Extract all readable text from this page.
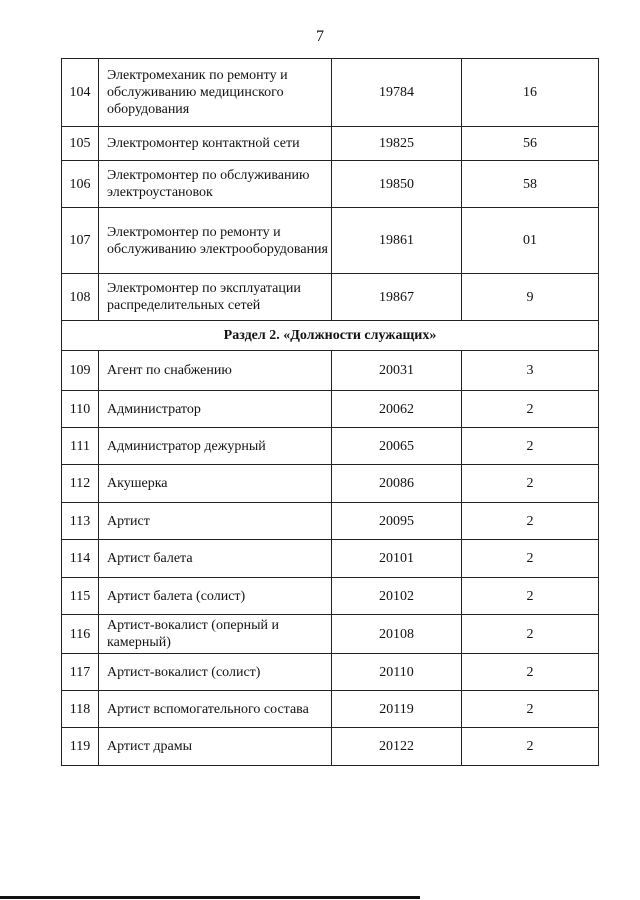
7
104	Электромеханик по ремонту и обслуживанию медицинского оборудования	19784	16
105	Электромонтер контактной сети	19825	56
106	Электромонтер по обслуживанию электроустановок	19850	58
107	Электромонтер по ремонту и обслуживанию электрооборудования	19861	01
108	Электромонтер по эксплуатации распределительных сетей	19867	9
Раздел 2. «Должности служащих»			
109	Агент по снабжению	20031	3
110	Администратор	20062	2
111	Администратор дежурный	20065	2
112	Акушерка	20086	2
113	Артист	20095	2
114	Артист балета	20101	2
115	Артист балета (солист)	20102	2
116	Артист-вокалист (оперный и камерный)	20108	2
117	Артист-вокалист (солист)	20110	2
118	Артист вспомогательного состава	20119	2
119	Артист драмы	20122	2
